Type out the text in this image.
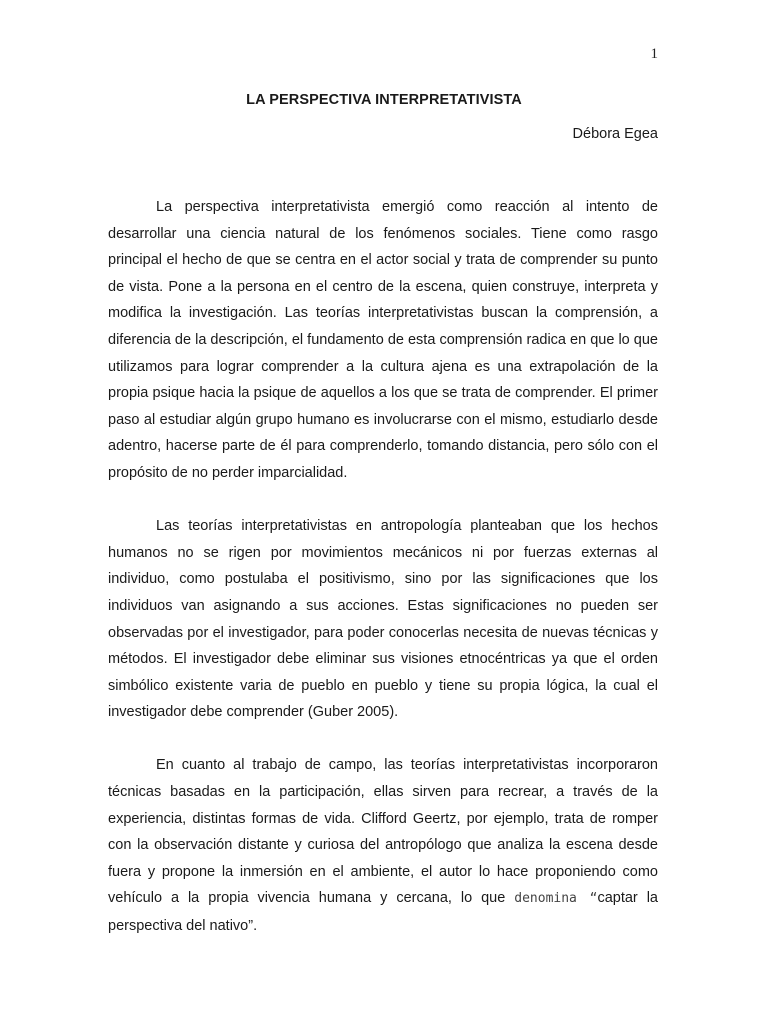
1
LA PERSPECTIVA INTERPRETATIVISTA
Débora Egea

La perspectiva interpretativista emergió como reacción al intento de desarrollar una ciencia natural de los fenómenos sociales. Tiene como rasgo principal el hecho de que se centra en el actor social y trata de comprender su punto de vista. Pone a la persona en el centro de la escena, quien construye, interpreta y modifica la investigación. Las teorías interpretativistas buscan la comprensión, a diferencia de la descripción, el fundamento de esta comprensión radica en que lo que utilizamos para lograr comprender a la cultura ajena es una extrapolación de la propia psique hacia la psique de aquellos a los que se trata de comprender. El primer paso al estudiar algún grupo humano es involucrarse con el mismo, estudiarlo desde adentro, hacerse parte de él para comprenderlo, tomando distancia, pero sólo con el propósito de no perder imparcialidad.

Las teorías interpretativistas en antropología planteaban que los hechos humanos no se rigen por movimientos mecánicos ni por fuerzas externas al individuo, como postulaba el positivismo, sino por las significaciones que los individuos van asignando a sus acciones. Estas significaciones no pueden ser observadas por el investigador, para poder conocerlas necesita de nuevas técnicas y métodos. El investigador debe eliminar sus visiones etnocéntricas ya que el orden simbólico existente varia de pueblo en pueblo y tiene su propia lógica, la cual el investigador debe comprender (Guber 2005).

En cuanto al trabajo de campo, las teorías interpretativistas incorporaron técnicas basadas en la participación, ellas sirven para recrear, a través de la experiencia, distintas formas de vida. Clifford Geertz, por ejemplo, trata de romper con la observación distante y curiosa del antropólogo que analiza la escena desde fuera y propone la inmersión en el ambiente, el autor lo hace proponiendo como vehículo a la propia vivencia humana y cercana, lo que denomina “captar la perspectiva del nativo”.
